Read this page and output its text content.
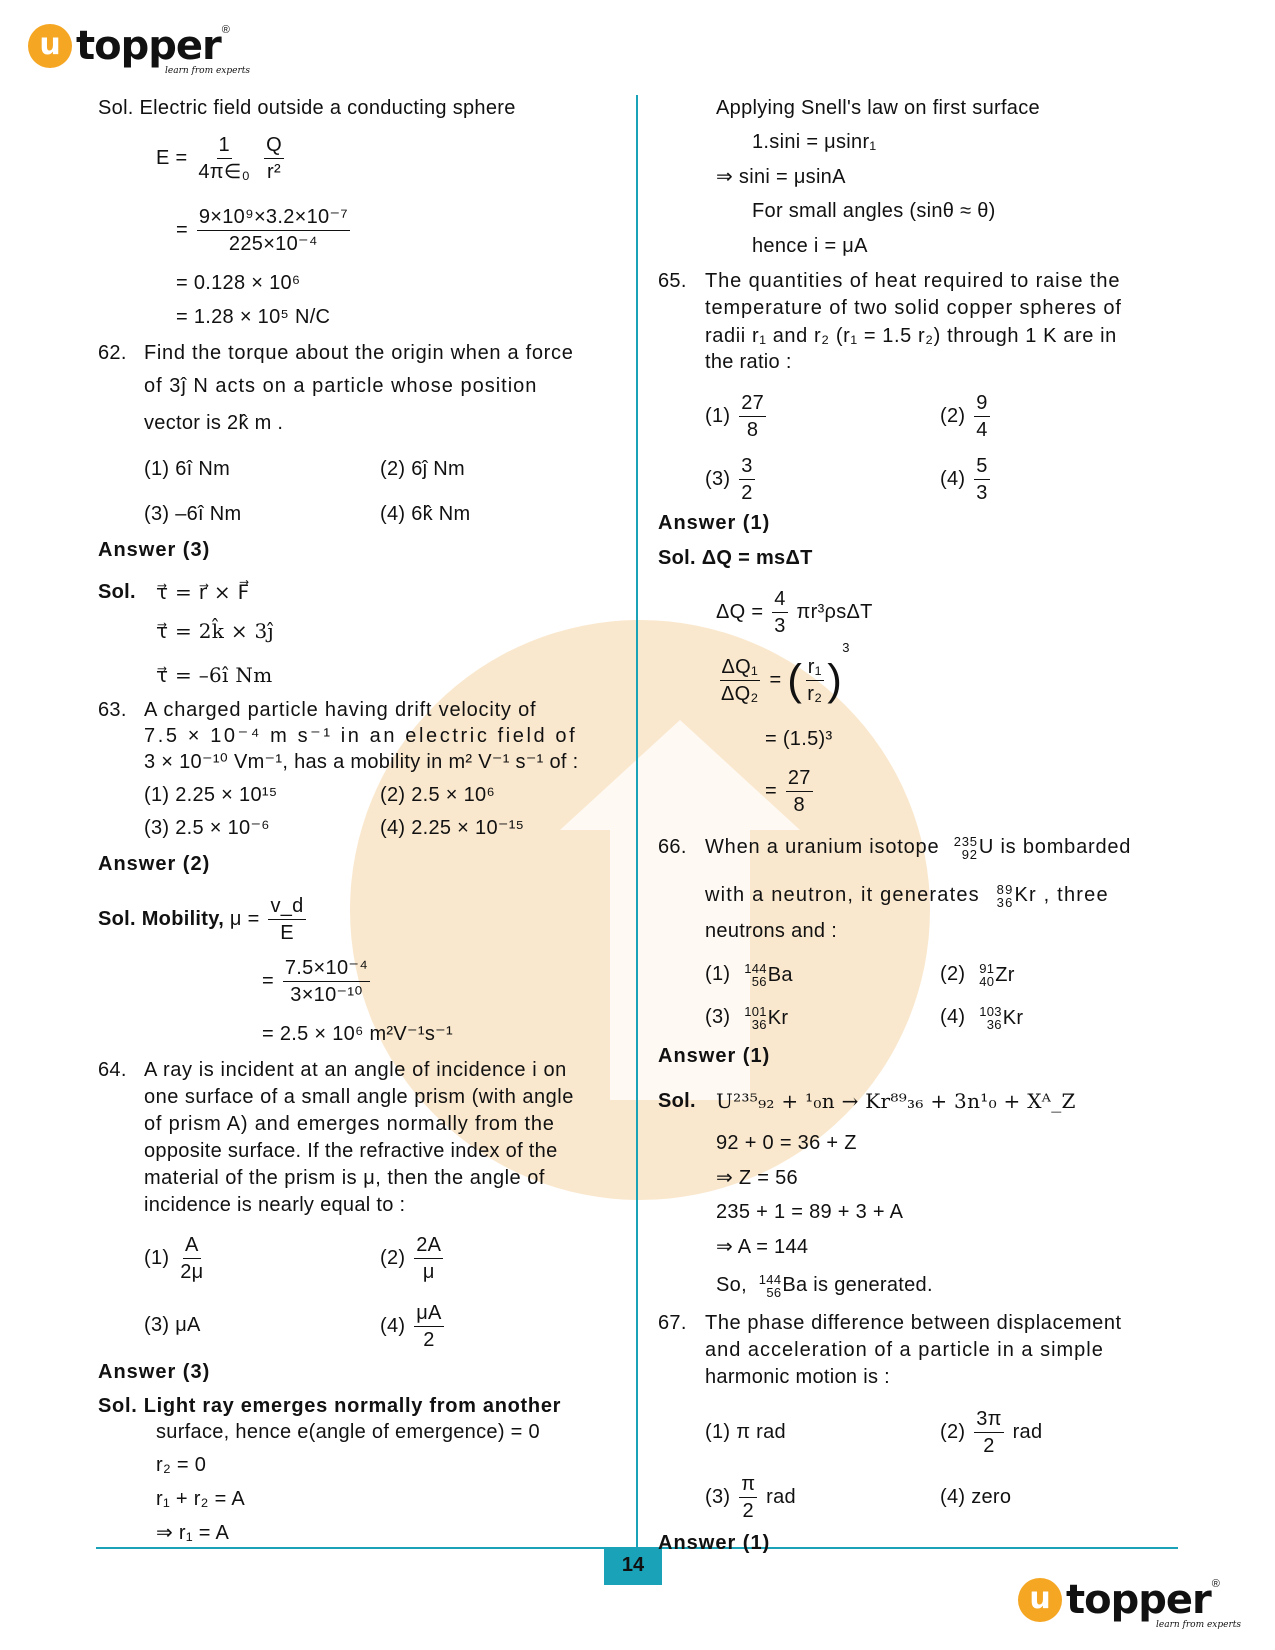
u topper ®
learn from experts
14
u topper ®
learn from experts
Sol. Electric field outside a conducting sphere
$E = \frac{1}{\text{4π∈₀}}$
$\frac{Q}{\text{r²}}$
= $\frac{\text{9×10⁹×3.2×10⁻⁷}}{\text{225×10⁻⁴}}$
= 0.128 × 10⁶
= 1.28 × 10⁵ N/C
62. Find the torque about the origin when a force
of 3ĵ N acts on a particle whose position
vector is 2k̂ m .
(1) 6î Nm	(2) 6ĵ Nm
(3) –6î Nm	(4) 6k̂ Nm
Answer (3)
Sol. τ⃗ = r⃗ × F⃗
τ⃗ = 2k̂ × 3ĵ
τ⃗ = –6î Nm
63. A charged particle having drift velocity of
7.5 × 10⁻⁴ m s⁻¹ in an electric field of
3 × 10⁻¹⁰ Vm⁻¹, has a mobility in m² V⁻¹ s⁻¹ of :
(1) 2.25 × 10¹⁵	(2) 2.5 × 10⁶
(3) 2.5 × 10⁻⁶	(4) 2.25 × 10⁻¹⁵
Answer (2)
Sol. Mobility, $\mu = \frac{v\_d}{E}$
= $\frac{\text{7.5×10⁻⁴}}{\text{3×10⁻¹⁰}}$
= 2.5 × 10⁶ m²V⁻¹s⁻¹
64. A ray is incident at an angle of incidence i on
one surface of a small angle prism (with angle
of prism A) and emerges normally from the
opposite surface. If the refractive index of the
material of the prism is μ, then the angle of
incidence is nearly equal to :
$(1) \frac{A}{2\mu}$	$(2) \frac{2A}{\mu}$
(3) μA	$(4) \frac{\mu A}{2}$
Answer (3)
Sol. Light ray emerges normally from another
surface, hence e(angle of emergence) = 0
r₂ = 0
r₁ + r₂ = A
⇒ r₁ = A
Applying Snell's law on first surface
1.sini = μsinr₁
⇒ sini = μsinA
For small angles (sinθ ≈ θ)
hence i = μA
65. The quantities of heat required to raise the
temperature of two solid copper spheres of
radii r₁ and r₂ (r₁ = 1.5 r₂) through 1 K are in
the ratio :
$(1) \frac{27}{8}$	$(2) \frac{9}{4}$
$(3) \frac{3}{2}$	$(4) \frac{5}{3}$
Answer (1)
Sol. ΔQ = msΔT
$\Delta Q = \frac{4}{3} \pi r^3\rho s\Delta T$
$\frac{\text{ΔQ₁}}{\text{ΔQ₂}}$ = ( $\frac{\text{r₁}}{\text{r₂}} )^3$
= (1.5)³
= $\frac{27}{8}$
66. When a uranium isotope 235
92 U is bombarded
with a neutron, it generates 89
36 Kr , three
neutrons and :
(1) 144
56 Ba	(2) 91
40 Zr
(3) 101
36 Kr	(4) 103
36 Kr
Answer (1)
Sol. U²³⁵₉₂ + ¹₀n → Kr⁸⁹₃₆ + 3n¹₀ + Xᴬ_Z
92 + 0 = 36 + Z
⇒ Z = 56
235 + 1 = 89 + 3 + A
⇒ A = 144
So, 144
56 Ba is generated.
67. The phase difference between displacement
and acceleration of a particle in a simple
harmonic motion is :
(1) π rad	$(2) \frac{3\pi}{2}$ rad
$(3) \frac{\pi}{2}$ rad	(4) zero
Answer (1)
